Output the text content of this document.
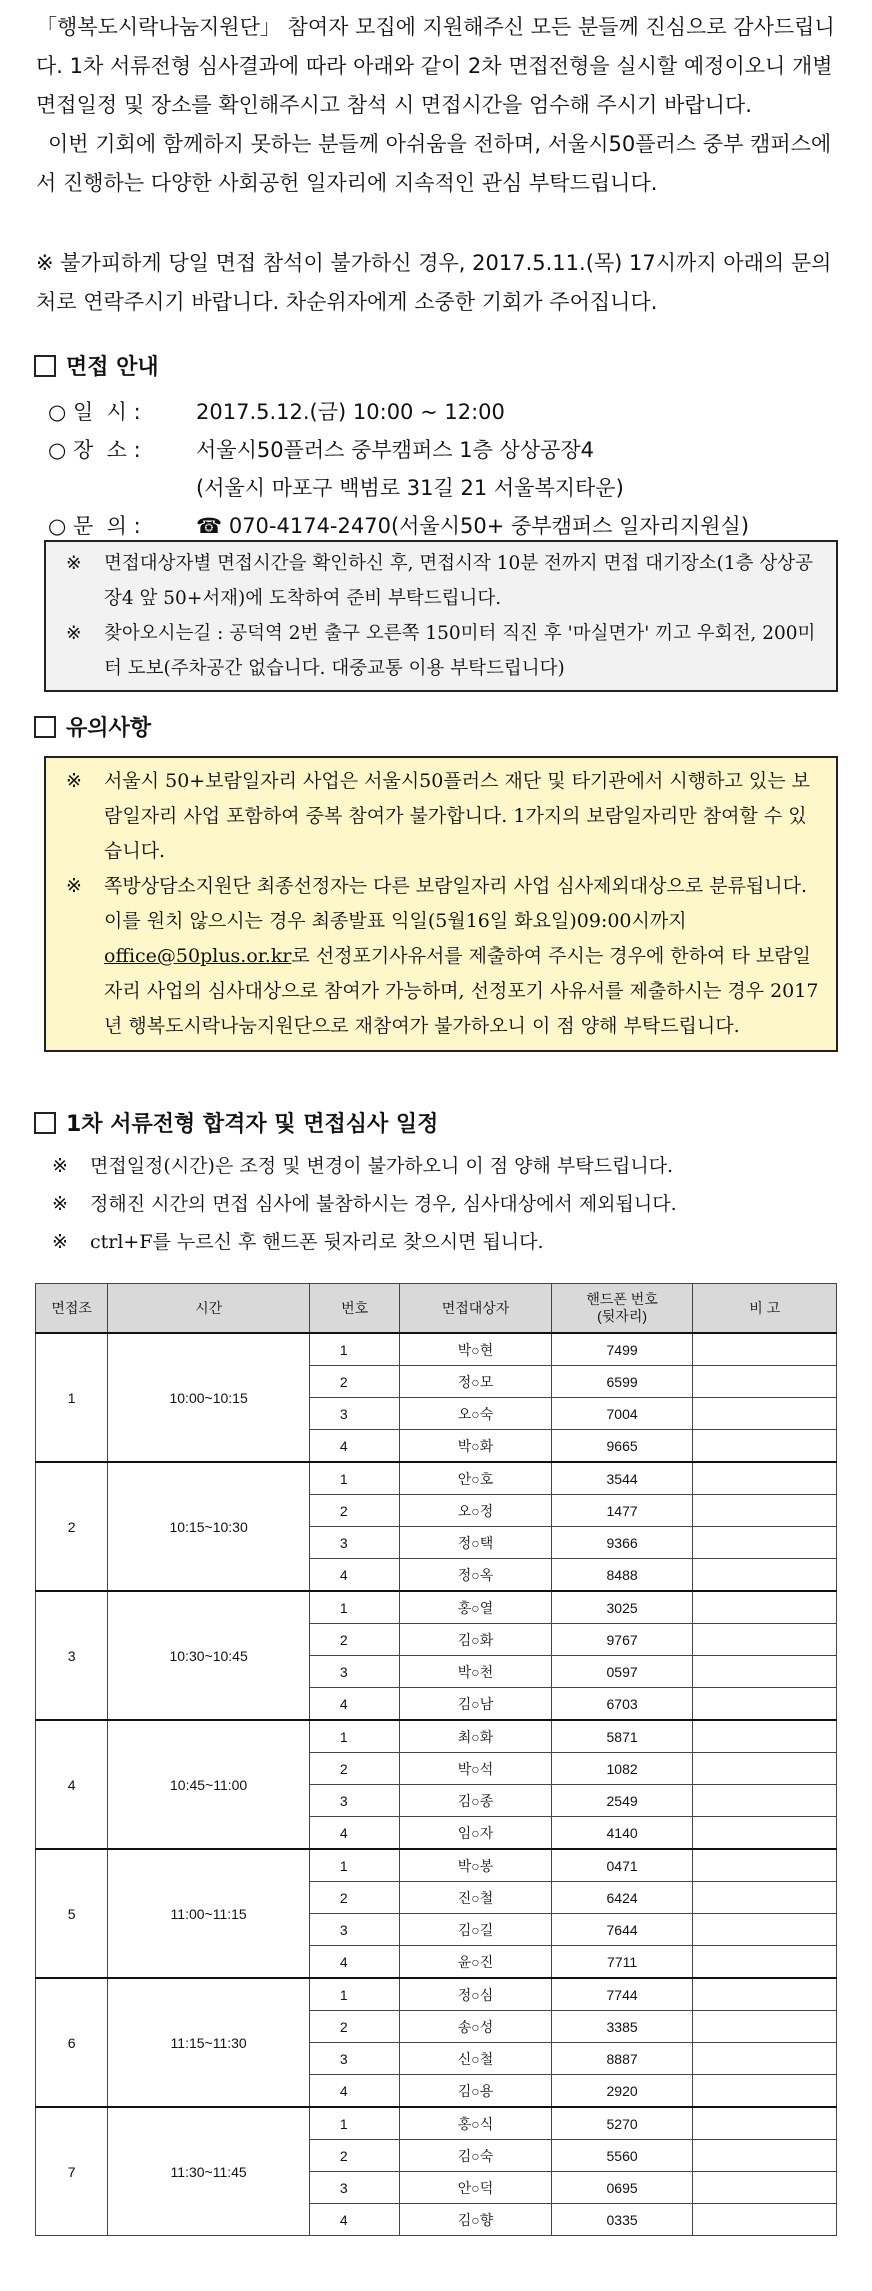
「행복도시락나눔지원단」 참여자 모집에 지원해주신 모든 분들께 진심으로 감사드립니다. 1차 서류전형 심사결과에 따라 아래와 같이 2차 면접전형을 실시할 예정이오니 개별 면접일정 및 장소를 확인해주시고 참석 시 면접시간을 엄수해 주시기 바랍니다.

이번 기회에 함께하지 못하는 분들께 아쉬움을 전하며, 서울시50플러스 중부 캠퍼스에서 진행하는 다양한 사회공헌 일자리에 지속적인 관심 부탁드립니다.

※ 불가피하게 당일 면접 참석이 불가하신 경우, 2017.5.11.(목) 17시까지 아래의 문의처로 연락주시기 바랍니다. 차순위자에게 소중한 기회가 주어집니다.

면접 안내
○ 일  시 :	2017.5.12.(금) 10:00 ~ 12:00
○ 장  소 :	서울시50플러스 중부캠퍼스 1층 상상공장4
(서울시 마포구 백범로 31길 21 서울복지타운)
○ 문  의 :	☎ 070-4174-2470(서울시50+ 중부캠퍼스 일자리지원실)
※	면접대상자별 면접시간을 확인하신 후, 면접시작 10분 전까지 면접 대기장소(1층 상상공장4 앞 50+서재)에 도착하여 준비 부탁드립니다.
※	찾아오시는길 : 공덕역 2번 출구 오른쪽 150미터 직진 후 '마실면가' 끼고 우회전, 200미터 도보(주차공간 없습니다. 대중교통 이용 부탁드립니다)
유의사항
※	서울시 50+보람일자리 사업은 서울시50플러스 재단 및 타기관에서 시행하고 있는 보람일자리 사업 포함하여 중복 참여가 불가합니다. 1가지의 보람일자리만 참여할 수 있습니다.
※	쪽방상담소지원단 최종선정자는 다른 보람일자리 사업 심사제외대상으로 분류됩니다. 이를 원치 않으시는 경우 최종발표 익일(5월16일 화요일)09:00시까지 office@50plus.or.kr로 선정포기사유서를 제출하여 주시는 경우에 한하여 타 보람일자리 사업의 심사대상으로 참여가 가능하며, 선정포기 사유서를 제출하시는 경우 2017년 행복도시락나눔지원단으로 재참여가 불가하오니 이 점 양해 부탁드립니다.
1차 서류전형 합격자 및 면접심사 일정
※	면접일정(시간)은 조정 및 변경이 불가하오니 이 점 양해 부탁드립니다.
※	정해진 시간의 면접 심사에 불참하시는 경우, 심사대상에서 제외됩니다.
※	ctrl+F를 누르신 후 핸드폰 뒷자리로 찾으시면 됩니다.
면접조	시간	번호	면접대상자	핸드폰 번호
(뒷자리)	비 고
1	10:00~10:15	1	박○현	7499	
		2	정○모	6599	
		3	오○숙	7004	
		4	박○화	9665	
2	10:15~10:30	1	안○호	3544	
		2	오○정	1477	
		3	정○택	9366	
		4	정○옥	8488	
3	10:30~10:45	1	홍○열	3025	
		2	김○화	9767	
		3	박○천	0597	
		4	김○남	6703	
4	10:45~11:00	1	최○화	5871	
		2	박○석	1082	
		3	김○종	2549	
		4	임○자	4140	
5	11:00~11:15	1	박○봉	0471	
		2	진○철	6424	
		3	김○길	7644	
		4	윤○진	7711	
6	11:15~11:30	1	정○심	7744	
		2	송○성	3385	
		3	신○철	8887	
		4	김○용	2920	
7	11:30~11:45	1	홍○식	5270	
		2	김○숙	5560	
		3	안○덕	0695	
		4	김○향	0335	
